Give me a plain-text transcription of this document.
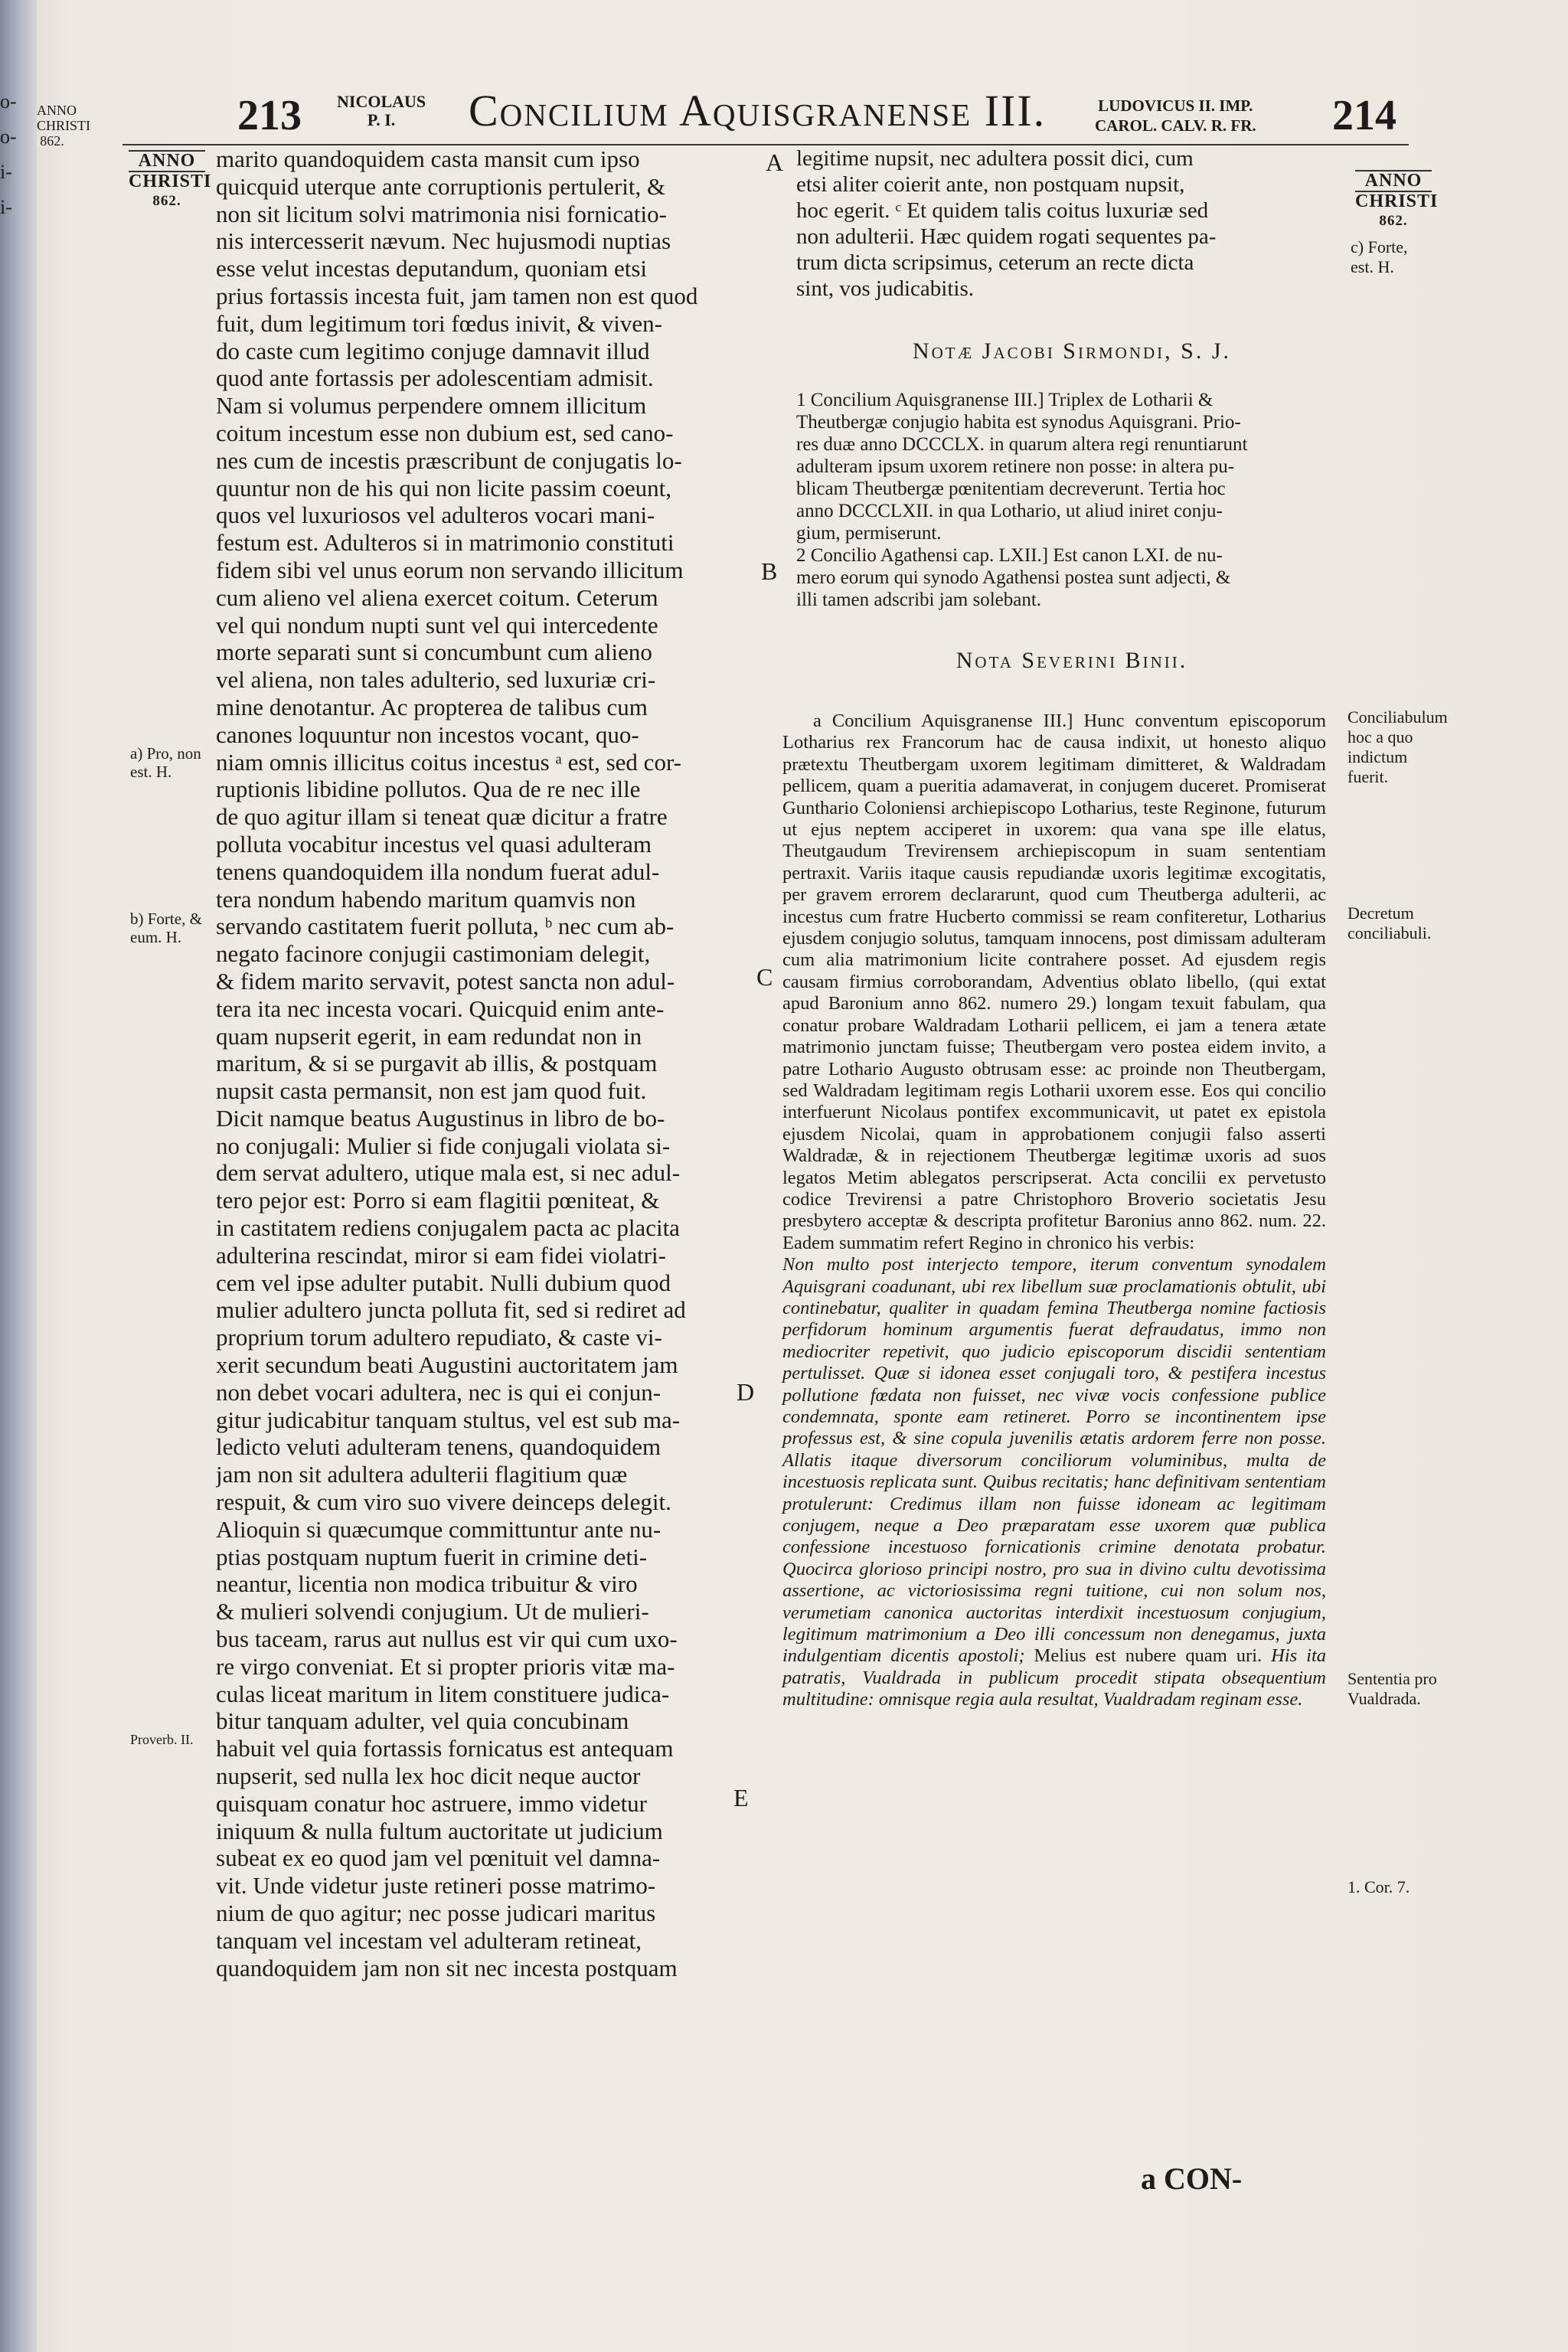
o-
o-
i-
i-

213 NICOLAUS
P. I.	Concilium Aquisgranense III.	LUDOVICUS II. IMP.
CAROL. CALV. R. FR. 214
ANNO
CHRISTI
862.
a) Pro, non est. H.
b) Forte, & eum. H.
Proverb. II.
marito quandoquidem casta mansit cum ipso
quicquid uterque ante corruptionis pertulerit, &
non sit licitum solvi matrimonia nisi fornicatio-
nis intercesserit nævum. Nec hujusmodi nuptias
esse velut incestas deputandum, quoniam etsi
prius fortassis incesta fuit, jam tamen non est quod
fuit, dum legitimum tori fœdus inivit, & viven-
do caste cum legitimo conjuge damnavit illud
quod ante fortassis per adolescentiam admisit.
Nam si volumus perpendere omnem illicitum
coitum incestum esse non dubium est, sed cano-
nes cum de incestis præscribunt de conjugatis lo-
quuntur non de his qui non licite passim coeunt,
quos vel luxuriosos vel adulteros vocari mani-
festum est. Adulteros si in matrimonio constituti
fidem sibi vel unus eorum non servando illicitum
cum alieno vel aliena exercet coitum. Ceterum
vel qui nondum nupti sunt vel qui intercedente
morte separati sunt si concumbunt cum alieno
vel aliena, non tales adulterio, sed luxuriæ cri-
mine denotantur. Ac propterea de talibus cum
canones loquuntur non incestos vocant, quo-
niam omnis illicitus coitus incestus ᵃ est, sed cor-
ruptionis libidine pollutos. Qua de re nec ille
de quo agitur illam si teneat quæ dicitur a fratre
polluta vocabitur incestus vel quasi adulteram
tenens quandoquidem illa nondum fuerat adul-
tera nondum habendo maritum quamvis non
servando castitatem fuerit polluta, ᵇ nec cum ab-
negato facinore conjugii castimoniam delegit,
& fidem marito servavit, potest sancta non adul-
tera ita nec incesta vocari. Quicquid enim ante-
quam nupserit egerit, in eam redundat non in
maritum, & si se purgavit ab illis, & postquam
nupsit casta permansit, non est jam quod fuit.
Dicit namque beatus Augustinus in libro de bo-
no conjugali: Mulier si fide conjugali violata si-
dem servat adultero, utique mala est, si nec adul-
tero pejor est: Porro si eam flagitii pœniteat, &
in castitatem rediens conjugalem pacta ac placita
adulterina rescindat, miror si eam fidei violatri-
cem vel ipse adulter putabit. Nulli dubium quod
mulier adultero juncta polluta fit, sed si rediret ad
proprium torum adultero repudiato, & caste vi-
xerit secundum beati Augustini auctoritatem jam
non debet vocari adultera, nec is qui ei conjun-
gitur judicabitur tanquam stultus, vel est sub ma-
ledicto veluti adulteram tenens, quandoquidem
jam non sit adultera adulterii flagitium quæ
respuit, & cum viro suo vivere deinceps delegit.
Alioquin si quæcumque committuntur ante nu-
ptias postquam nuptum fuerit in crimine deti-
neantur, licentia non modica tribuitur & viro
& mulieri solvendi conjugium. Ut de mulieri-
bus taceam, rarus aut nullus est vir qui cum uxo-
re virgo conveniat. Et si propter prioris vitæ ma-
culas liceat maritum in litem constituere judica-
bitur tanquam adulter, vel quia concubinam
habuit vel quia fortassis fornicatus est antequam
nupserit, sed nulla lex hoc dicit neque auctor
quisquam conatur hoc astruere, immo videtur
iniquum & nulla fultum auctoritate ut judicium
subeat ex eo quod jam vel pœnituit vel damna-
vit. Unde videtur juste retineri posse matrimo-
nium de quo agitur; nec posse judicari maritus
tanquam vel incestam vel adulteram retineat,
quandoquidem jam non sit nec incesta postquam
A
B
C
D
E
legitime nupsit, nec adultera possit dici, cum
etsi aliter coierit ante, non postquam nupsit,
hoc egerit. ᶜ Et quidem talis coitus luxuriæ sed
non adulterii. Hæc quidem rogati sequentes pa-
trum dicta scripsimus, ceterum an recte dicta
sint, vos judicabitis.
ANNO
CHRISTI
862.
c) Forte, est. H.
Notæ Jacobi Sirmondi, S. J.
1 Concilium Aquisgranense III.] Triplex de Lotharii &
Theutbergæ conjugio habita est synodus Aquisgrani. Prio-
res duæ anno DCCCLX. in quarum altera regi renuntiarunt
adulteram ipsum uxorem retinere non posse: in altera pu-
blicam Theutbergæ pœnitentiam decreverunt. Tertia hoc
anno DCCCLXII. in qua Lothario, ut aliud iniret conju-
gium, permiserunt.
2 Concilio Agathensi cap. LXII.] Est canon LXI. de nu-
mero eorum qui synodo Agathensi postea sunt adjecti, &
illi tamen adscribi jam solebant.
Nota Severini Binii.

a Concilium Aquisgranense III.] Hunc conventum episcoporum Lotharius rex Francorum hac de causa indixit, ut honesto aliquo prætextu Theutbergam uxorem legitimam dimitteret, & Waldradam pellicem, quam a pueritia adamaverat, in conjugem duceret. Promiserat Gunthario Coloniensi archiepiscopo Lotharius, teste Reginone, futurum ut ejus neptem acciperet in uxorem: qua vana spe ille elatus, Theutgaudum Trevirensem archiepiscopum in suam sententiam pertraxit. Variis itaque causis repudiandæ uxoris legitimæ excogitatis, per gravem errorem declararunt, quod cum Theutberga adulterii, ac incestus cum fratre Hucberto commissi se ream confiteretur, Lotharius ejusdem conjugio solutus, tamquam innocens, post dimissam adulteram cum alia matrimonium licite contrahere posset. Ad ejusdem regis causam firmius corroborandam, Adventius oblato libello, (qui extat apud Baronium anno 862. numero 29.) longam texuit fabulam, qua conatur probare Waldradam Lotharii pellicem, ei jam a tenera ætate matrimonio junctam fuisse; Theutbergam vero postea eidem invito, a patre Lothario Augusto obtrusam esse: ac proinde non Theutbergam, sed Waldradam legitimam regis Lotharii uxorem esse. Eos qui concilio interfuerunt Nicolaus pontifex excommunicavit, ut patet ex epistola ejusdem Nicolai, quam in approbationem conjugii falso asserti Waldradæ, & in rejectionem Theutbergæ legitimæ uxoris ad suos legatos Metim ablegatos perscripserat. Acta concilii ex pervetusto codice Trevirensi a patre Christophoro Broverio societatis Jesu presbytero acceptæ & descripta profitetur Baronius anno 862. num. 22. Eadem summatim refert Regino in chronico his verbis:

Non multo post interjecto tempore, iterum conventum synodalem Aquisgrani coadunant, ubi rex libellum suæ proclamationis obtulit, ubi continebatur, qualiter in quadam femina Theutberga nomine factiosis perfidorum hominum argumentis fuerat defraudatus, immo non mediocriter repetivit, quo judicio episcoporum discidii sententiam pertulisset. Quæ si idonea esset conjugali toro, & pestifera incestus pollutione fœdata non fuisset, nec vivæ vocis confessione publice condemnata, sponte eam retineret. Porro se incontinentem ipse professus est, & sine copula juvenilis ætatis ardorem ferre non posse. Allatis itaque diversorum conciliorum voluminibus, multa de incestuosis replicata sunt. Quibus recitatis; hanc definitivam sententiam protulerunt: Credimus illam non fuisse idoneam ac legitimam conjugem, neque a Deo præparatam esse uxorem quæ publica confessione incestuoso fornicationis crimine denotata probatur. Quocirca glorioso principi nostro, pro sua in divino cultu devotissima assertione, ac victoriosissima regni tuitione, cui non solum nos, verumetiam canonica auctoritas interdixit incestuosum conjugium, legitimum matrimonium a Deo illi concessum non denegamus, juxta indulgentiam dicentis apostoli; Melius est nubere quam uri. His ita patratis, Vualdrada in publicum procedit stipata obsequentium multitudine: omnisque regia aula resultat, Vualdradam reginam esse.

Conciliabulum hoc a quo indictum fuerit.
Decretum conciliabuli.
Sententia pro Vualdrada.
1. Cor. 7.
a CON-
ANNO CHRISTI 862.
